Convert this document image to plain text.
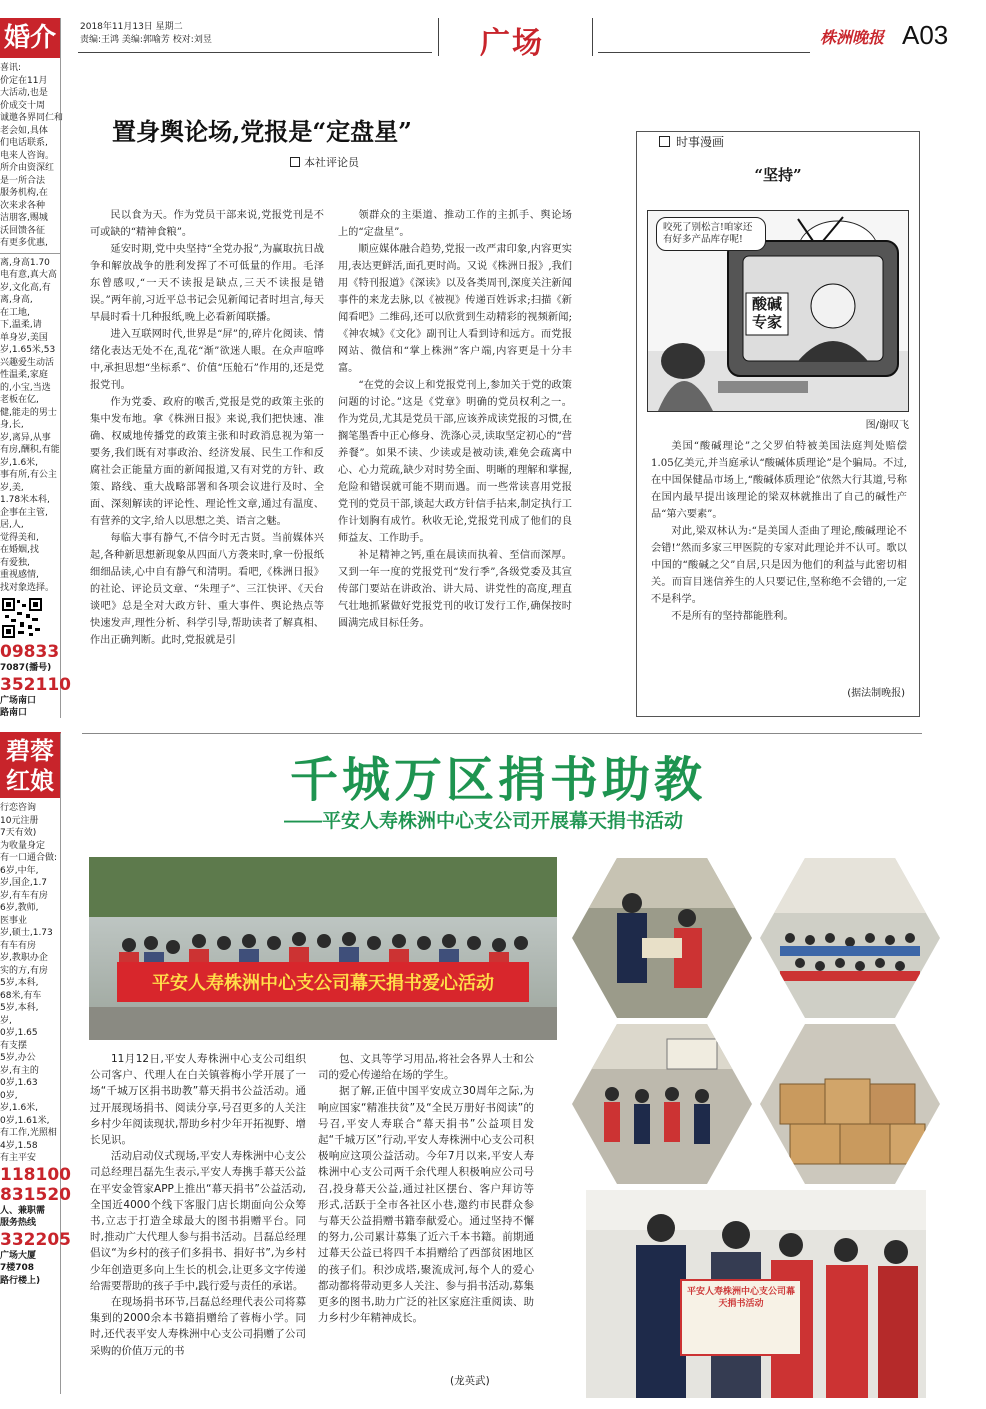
2018年11月13日 星期二
责编:王鸿 美编:郭喻芳 校对:刘昱	广场	株洲晚报 A03
婚介

喜讯:

价定在11月

大活动,也是

价成交十周

诚邀各界同仁和

老会如,具体

们电话联系,

电来人咨询。

所介由资深红

是一所合法

服务机构,在

次来求各种

洁朋客,赐城

沃回馈各征

有更多优惠,

离,身高1.70

电有意,真大高

岁,文化高,有

离,身高,

在工地,

下,温柔,请

单身岁,美国

岁,1.65米,53

兴趣爱生动活

性温柔,家庭

的,小宝,当选

老板在亿,

健,能走的男士

身,长,

岁,离异,从事

有房,酬积,有能

岁,1.6米,

事有所,有公主

岁,美,

1.78米本科,

企事在主管,

居,人,

觉得美和,

在婚姻,找

有爱独,

重视感情,

找对象选择。

09833

7087(播号)

352110

广场南口

路南口

碧蓉
红娘

行恋咨询

10元注册

7天有效)

为收量身定

有一口通合做:

6岁,中年,

岁,国企,1.7

岁,有车有房

6岁,教师,

医事业

岁,硕士,1.73

有车有房

岁,教职办企

实的方,有房

5岁,本科,

68米,有车

5岁,本科,

岁,

0岁,1.65

有支摆

5岁,办公

岁,有主的

0岁,1.63

0岁,

岁,1.6米,

0岁,1.61米,

有工作,光照相

4岁,1.58

有主平安

118100

831520

人、兼职需

服务热线

332205

广场大厦

7楼708

路行楼上)

置身舆论场,党报是“定盘星”
本社评论员

民以食为天。作为党员干部来说,党报党刊是不可或缺的“精神食粮”。

延安时期,党中央坚持“全党办报”,为赢取抗日战争和解放战争的胜利发挥了不可低量的作用。毛泽东曾感叹,“一天不读报是缺点,三天不读报是错误。”两年前,习近平总书记会见新闻记者时坦言,每天早晨时看十几种报纸,晚上必看新闻联播。

进入互联网时代,世界是“屏”的,碎片化阅读、情绪化表达无处不在,乱花“渐”欲迷人眼。在众声喧哗中,承担思想“坐标系”、价值“压舱石”作用的,还是党报党刊。

作为党委、政府的喉舌,党报是党的政策主张的集中发布地。拿《株洲日报》来说,我们把快速、准确、权威地传播党的政策主张和时政消息视为第一要务,我们既有对事政治、经济发展、民生工作和反腐社会正能量方面的新闻报道,又有对党的方针、政策、路线、重大战略部署和各项会议进行及时、全面、深刻解读的评论性、理论性文章,通过有温度、有营养的文字,给人以思想之美、语言之魅。

每临大事有静气,不信今时无古贤。当前媒体兴起,各种新思想新现象从四面八方袭来时,拿一份报纸细细品读,心中自有静气和清明。看吧,《株洲日报》的社论、评论员文章、“朱理子”、三江快评、《天台谈吧》总是全对大政方针、重大事件、舆论热点等快速发声,理性分析、科学引导,帮助读者了解真相、作出正确判断。此时,党报就是引

领群众的主渠道、推动工作的主抓手、舆论场上的“定盘星”。

顺应媒体融合趋势,党报一改严肃印象,内容更实用,表达更鲜活,面孔更时尚。又说《株洲日报》,我们用《特刊报道》《深读》以及各类周刊,深度关注新闻事件的来龙去脉,以《被视》传递百姓诉求;扫描《新闻看吧》二维码,还可以欣赏到生动精彩的视频新闻;《神农城》《文化》副刊让人看到诗和远方。而党报网站、微信和“掌上株洲”客户端,内容更是十分丰富。

“在党的会议上和党报党刊上,参加关于党的政策问题的讨论。”这是《党章》明确的党员权利之一。作为党员,尤其是党员干部,应该养成读党报的习惯,在搁笔墨香中正心修身、洗涤心灵,读取坚定初心的“营养餐”。如果不读、少读或是被动读,难免会疏离中心、心力荒疏,缺少对时势全面、明晰的理解和掌握,危险和错误就可能不期而遇。而一些常读喜用党报党刊的党员干部,谈起大政方针信手拈来,制定执行工作计划胸有成竹。秋收无论,党报党刊成了他们的良师益友、工作助手。

补足精神之钙,重在晨读而执着、至信而深厚。又到一年一度的党报党刊“发行季”,各级党委及其宣传部门要站在讲政治、讲大局、讲党性的高度,理直气壮地抓紧做好党报党刊的收订发行工作,确保按时圆满完成目标任务。

时事漫画
“坚持”
咬死了别松言!咱家还有好多产品库存呢!
酸碱专家
图/谢叹飞

美国“酸碱理论”之父罗伯特被美国法庭判处赔偿1.05亿美元,并当庭承认“酸碱体质理论”是个骗局。不过,在中国保健品市场上,“酸碱体质理论”依然大行其道,号称在国内最早提出该理论的梁双林就推出了自己的碱性产品“第六要素”。

对此,梁双林认为:“是美国人歪曲了理论,酸碱理论不会错!”然而多家三甲医院的专家对此理论并不认可。歌以中国的“酸碱之父”自居,只是因为他们的利益与此密切相关。而盲目迷信养生的人只要记住,坚称绝不会错的,一定不是科学。

不是所有的坚持都能胜利。

(据法制晚报)
千城万区捐书助教
——平安人寿株洲中心支公司开展幕天捐书活动
平安人寿株洲中心支公司幕天捐书爱心活动
平安人寿株洲中心支公司幕天捐书活动

11月12日,平安人寿株洲中心支公司组织公司客户、代理人在白关镇蓉梅小学开展了一场“千城万区捐书助教”幕天捐书公益活动。通过开展现场捐书、阅读分享,号召更多的人关注乡村少年阅读现状,帮助乡村少年开拓视野、增长见识。

活动启动仪式现场,平安人寿株洲中心支公司总经理吕磊先生表示,平安人寿携手幕天公益在平安金管家APP上推出“幕天捐书”公益活动,全国近4000个线下客服门店长期面向公众筹书,立志于打造全球最大的图书捐赠平台。同时,推动广大代理人参与捐书活动。吕磊总经理倡议“为乡村的孩子们多捐书、捐好书”,为乡村少年创造更多向上生长的机会,让更多文字传递给需要帮助的孩子手中,践行爱与责任的承诺。

在现场捐书环节,吕磊总经理代表公司将募集到的2000余本书籍捐赠给了蓉梅小学。同时,还代表平安人寿株洲中心支公司捐赠了公司采购的价值万元的书

包、文具等学习用品,将社会各界人士和公司的爱心传递给在场的学生。

据了解,正值中国平安成立30周年之际,为响应国家“精准扶贫”及“全民万册好书阅读”的号召,平安人寿联合“幕天捐书”公益项目发起“千城万区”行动,平安人寿株洲中心支公司积极响应这项公益活动。今年7月以来,平安人寿株洲中心支公司两千余代理人积极响应公司号召,投身幕天公益,通过社区摆台、客户拜访等形式,活跃于全市各社区小巷,邀约市民群众参与幕天公益捐赠书籍奉献爱心。通过坚持不懈的努力,公司累计募集了近六千本书籍。前期通过幕天公益已将四千本捐赠给了西部贫困地区的孩子们。积沙成塔,聚流成河,每个人的爱心都动都将带动更多人关注、参与捐书活动,募集更多的图书,助力广泛的社区家庭注重阅读、助力乡村少年精神成长。

(龙英武)
